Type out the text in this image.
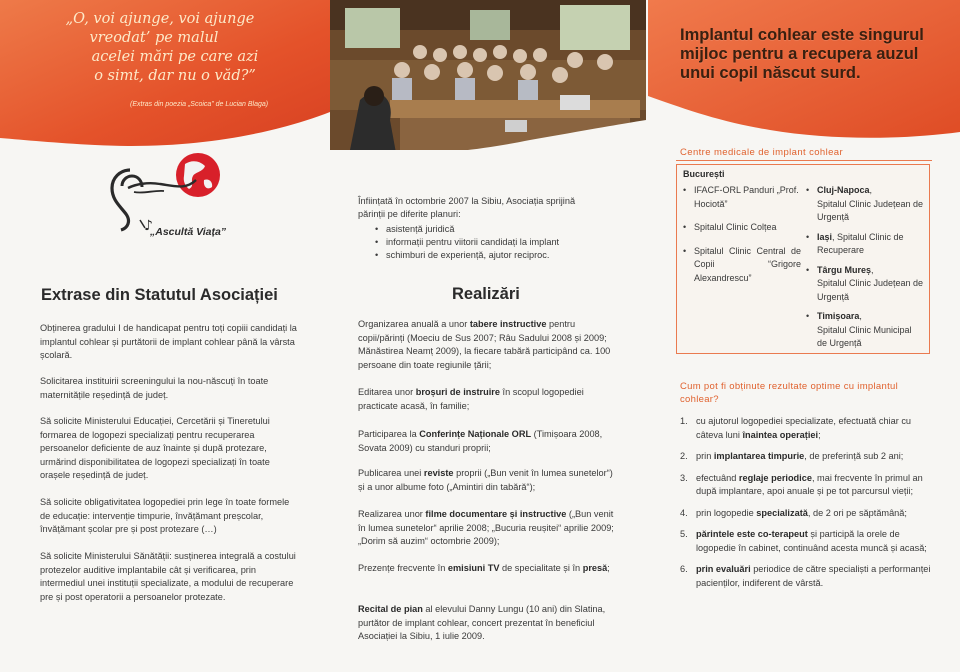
„O, voi ajunge, voi ajunge
vreodat’ pe malul
acelei mări pe care azi
o simt, dar nu o văd?”
(Extras din poezia „Scoica” de Lucian Blaga)
Implantul cohlear este singurul mijloc pentru a recupera auzul unui copil născut surd.
♪
„Ascultă Viața”
Extrase din Statutul Asociației
Obținerea gradului I de handicapat pentru toți copiii candidați la implantul cohlear și purtătorii de implant cohlear până la vârsta școlară.
Solicitarea instituirii screeningului la nou-născuți în toate maternitățile reședință de județ.
Să solicite Ministerului Educației, Cercetării și Tineretului formarea de logopezi specializați pentru recuperarea persoanelor deficiente de auz înainte și după protezare, urmărind disponibilitatea de logopezi specializați în toate orașele reședință de județ.
Să solicite obligativitatea logopediei prin lege în toate formele de educație: intervenție timpurie, învățămant preșcolar, învățămant școlar pre și post protezare (…)
Să solicite Ministerului Sănătății: susținerea integrală a costului protezelor auditive implantabile cât și verificarea, prin intermediul unei instituții specializate, a modului de recuperare pre și post operatorii a persoanelor protezate.
Înființată în octombrie 2007 la Sibiu, Asociația sprijină părinții pe diferite planuri:
• asistență juridică
• informații pentru viitorii candidați la implant
• schimburi de experiență, ajutor reciproc.
Realizări
Organizarea anuală a unor tabere instructive pentru copii/părinți (Moeciu de Sus 2007; Râu Sadului 2008 și 2009; Mănăstirea Neamț 2009), la fiecare tabără participând ca. 100 persoane din toate regiunile țării;
Editarea unor broșuri de instruire în scopul logopediei practicate acasă, în familie;
Participarea la Conferințe Naționale ORL (Timișoara 2008, Sovata 2009) cu standuri proprii;
Publicarea unei reviste proprii („Bun venit în lumea sunetelor“) și a unor albume foto („Amintiri din tabără“);
Realizarea unor filme documentare și instructive („Bun venit în lumea sunetelor“ aprilie 2008; „Bucuria reușitei“ aprilie 2009; „Dorim să auzim“ octombrie 2009);
Prezențe frecvente în emisiuni TV de specialitate și în presă;
Recital de pian al elevului Danny Lungu (10 ani) din Slatina, purtător de implant cohlear, concert prezentat în beneficiul Asociației la Sibiu, 1 iulie 2009.
Centre medicale de implant cohlear
București
• IFACF-ORL Panduri „Prof. Hociotă”
• Spitalul Clinic Colțea
• Spitalul Clinic Central de Copii “Grigore Alexandrescu”
• Cluj-Napoca,
Spitalul Clinic Județean de Urgență
• Iași, Spitalul Clinic de Recuperare
• Târgu Mureș,
Spitalul Clinic Județean de Urgență
• Timișoara,
Spitalul Clinic Municipal de Urgență
Cum pot fi obținute rezultate optime cu implantul cohlear?
1. cu ajutorul logopediei specializate, efectuată chiar cu câteva luni înaintea operației;
2. prin implantarea timpurie, de preferință sub 2 ani;
3. efectuând reglaje periodice, mai frecvente în primul an după implantare, apoi anuale și pe tot parcursul vieții;
4. prin logopedie specializată, de 2 ori pe săptămână;
5. părintele este co-terapeut și participă la orele de logopedie în cabinet, continuând acesta muncă și acasă;
6. prin evaluări periodice de către specialiști a performanței pacienților, indiferent de vârstă.
